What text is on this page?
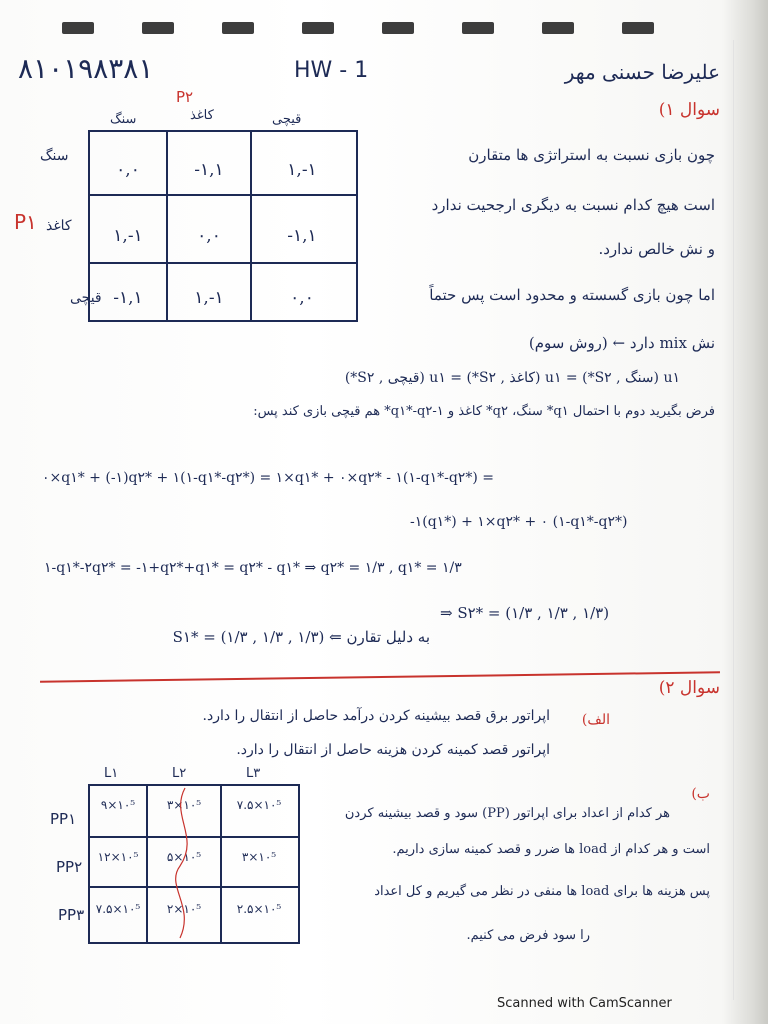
۸۱۰۱۹۸۳۸۱	HW - 1	علیرضا حسنی مهر
سوال ۱)
P۲
P۱
سنگ	کاغذ	قیچی
سنگ
کاغذ
قیچی
۰,۰	-۱,۱	۱,-۱
۱,-۱	۰,۰	-۱,۱
-۱,۱	۱,-۱	۰,۰
چون بازی نسبت به استراتژی ها متقارن
است هیچ کدام نسبت به دیگری ارجحیت ندارد
و نش خالص ندارد.
اما چون بازی گسسته و محدود است پس حتماً
نش mix دارد ← (روش سوم)
u۱ (سنگ , S۲*) = u۱ (کاغذ , S۲*) = u۱ (قیچی , S۲*)
فرض بگیرید دوم با احتمال q۱* سنگ، q۲* کاغذ و ۱-q۱*-q۲* هم قیچی بازی کند پس:
۰×q۱* + (-۱)q۲* + ۱(۱-q۱*-q۲*) = ۱×q۱* + ۰×q۲* - ۱(۱-q۱*-q۲*) =
-۱(q۱*) + ۱×q۲* + ۰ (۱-q۱*-q۲*)
۱-q۱*-۲q۲* = -۱+q۲*+q۱* = q۲* - q۱* ⇒ q۲* = ۱/۳ , q۱* = ۱/۳
⇒ S۲* = (۱/۳ , ۱/۳ , ۱/۳)
به دلیل تقارن ⇐ S۱* = (۱/۳ , ۱/۳ , ۱/۳)
سوال ۲)
الف)
اپراتور برق قصد بیشینه کردن درآمد حاصل از انتقال را دارد.
اپراتور قصد کمینه کردن هزینه حاصل از انتقال را دارد.
ب)
هر کدام از اعداد برای اپراتور (PP) سود و قصد بیشینه کردن
است و هر کدام از load ها ضرر و قصد کمینه سازی داریم.
پس هزینه ها برای load ها منفی در نظر می گیریم و کل اعداد
را سود فرض می کنیم.
L۱	L۲	L۳
PP۱
PP۲
PP۳
۹×۱۰⁵	۳×۱۰⁵	۷.۵×۱۰⁵
۱۲×۱۰⁵	۵×۱۰⁵	۳×۱۰⁵
۷.۵×۱۰⁵	۲×۱۰⁵	۲.۵×۱۰⁵
Scanned with CamScanner
